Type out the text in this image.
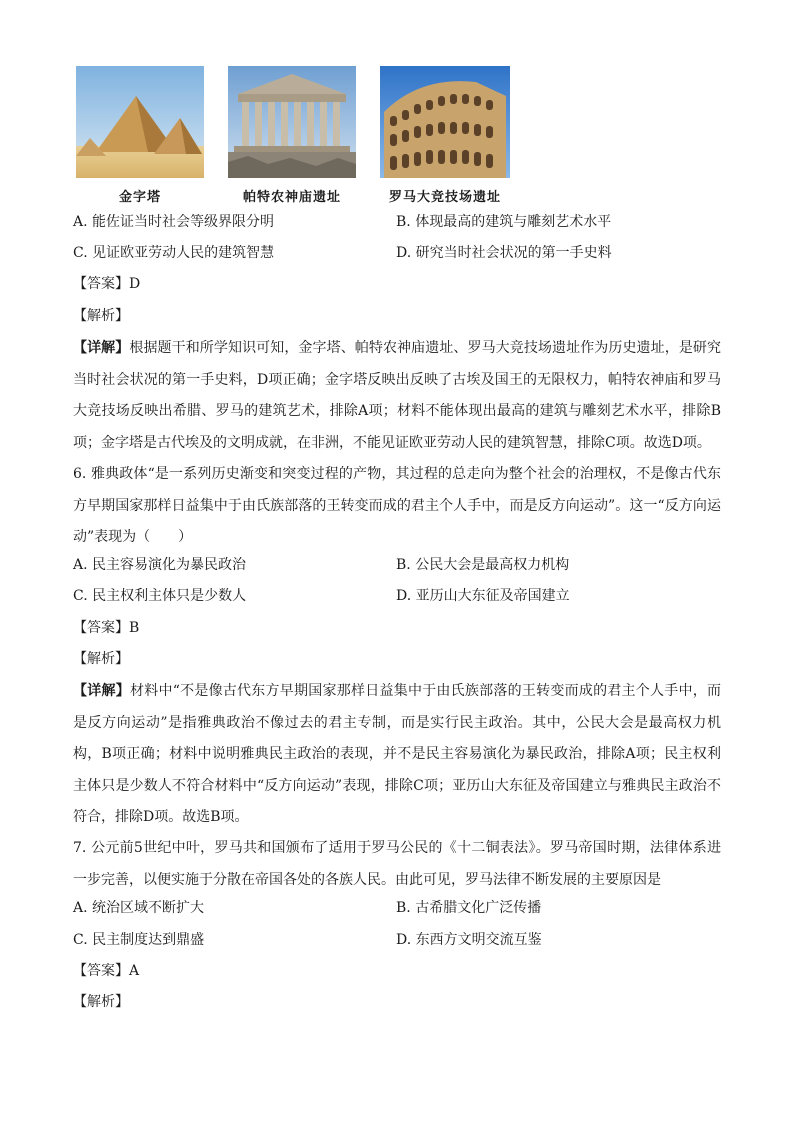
金字塔	帕特农神庙遗址	罗马大竞技场遗址
A. 能佐证当时社会等级界限分明	B. 体现最高的建筑与雕刻艺术水平
C. 见证欧亚劳动人民的建筑智慧	D. 研究当时社会状况的第一手史料
【答案】D
【解析】
【详解】根据题干和所学知识可知，金字塔、帕特农神庙遗址、罗马大竞技场遗址作为历史遗址，是研究当时社会状况的第一手史料，D项正确；金字塔反映出反映了古埃及国王的无限权力，帕特农神庙和罗马大竞技场反映出希腊、罗马的建筑艺术，排除A项；材料不能体现出最高的建筑与雕刻艺术水平，排除B项；金字塔是古代埃及的文明成就，在非洲，不能见证欧亚劳动人民的建筑智慧，排除C项。故选D项。
6. 雅典政体“是一系列历史渐变和突变过程的产物，其过程的总走向为整个社会的治理权，不是像古代东方早期国家那样日益集中于由氏族部落的王转变而成的君主个人手中，而是反方向运动”。这一“反方向运动”表现为（　　）
A. 民主容易演化为暴民政治	B. 公民大会是最高权力机构
C. 民主权利主体只是少数人	D. 亚历山大东征及帝国建立
【答案】B
【解析】
【详解】材料中“不是像古代东方早期国家那样日益集中于由氏族部落的王转变而成的君主个人手中，而是反方向运动”是指雅典政治不像过去的君主专制，而是实行民主政治。其中，公民大会是最高权力机构，B项正确；材料中说明雅典民主政治的表现，并不是民主容易演化为暴民政治，排除A项；民主权利主体只是少数人不符合材料中“反方向运动”表现，排除C项；亚历山大东征及帝国建立与雅典民主政治不符合，排除D项。故选B项。
7. 公元前5世纪中叶，罗马共和国颁布了适用于罗马公民的《十二铜表法》。罗马帝国时期，法律体系进一步完善，以便实施于分散在帝国各处的各族人民。由此可见，罗马法律不断发展的主要原因是
A. 统治区域不断扩大	B. 古希腊文化广泛传播
C. 民主制度达到鼎盛	D. 东西方文明交流互鉴
【答案】A
【解析】
